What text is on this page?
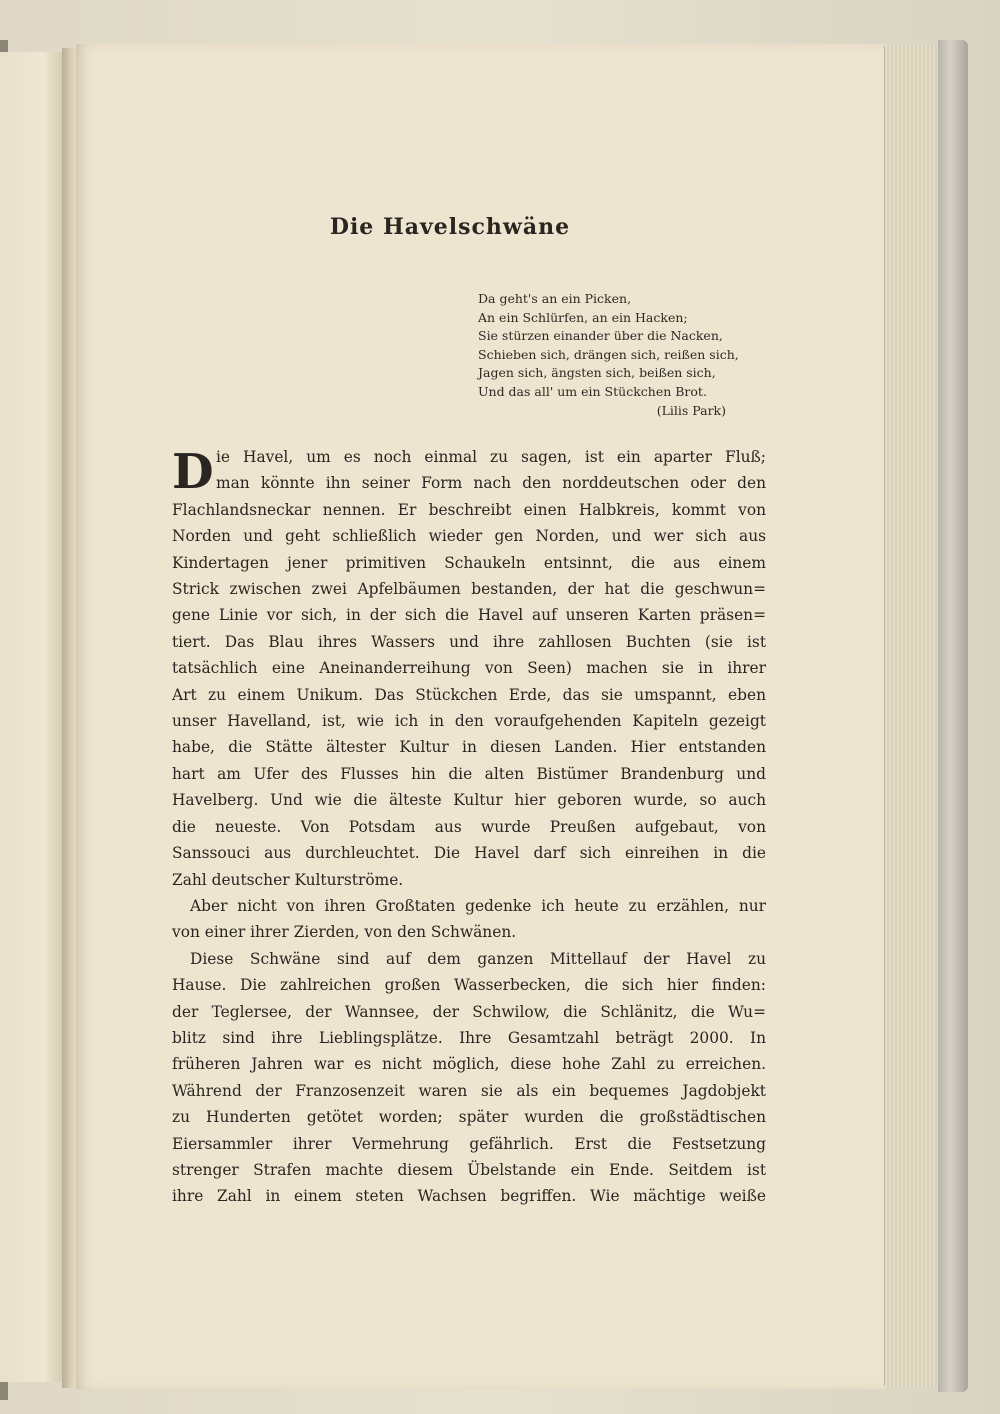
Die Havelschwäne
Da geht's an ein Picken,
An ein Schlürfen, an ein Hacken;
Sie stürzen einander über die Nacken,
Schieben sich, drängen sich, reißen sich,
Jagen sich, ängsten sich, beißen sich,
Und das all' um ein Stückchen Brot.
(Lilis Park)

ie Havel, um es noch einmal zu sagen, ist ein aparter Fluß;
man könnte ihn seiner Form nach den norddeutschen oder den
Flachlandsneckar nennen. Er beschreibt einen Halbkreis, kommt von
Norden und geht schließlich wieder gen Norden, und wer sich aus
Kindertagen jener primitiven Schaukeln entsinnt, die aus einem
Strick zwischen zwei Apfelbäumen bestanden, der hat die geschwun=
gene Linie vor sich, in der sich die Havel auf unseren Karten präsen=
tiert. Das Blau ihres Wassers und ihre zahllosen Buchten (sie ist
tatsächlich eine Aneinanderreihung von Seen) machen sie in ihrer
Art zu einem Unikum. Das Stückchen Erde, das sie umspannt, eben
unser Havelland, ist, wie ich in den voraufgehenden Kapiteln gezeigt
habe, die Stätte ältester Kultur in diesen Landen. Hier entstanden
hart am Ufer des Flusses hin die alten Bistümer Brandenburg und
Havelberg. Und wie die älteste Kultur hier geboren wurde, so auch
die neueste. Von Potsdam aus wurde Preußen aufgebaut, von
Sanssouci aus durchleuchtet. Die Havel darf sich einreihen in die
Zahl deutscher Kulturströme.

Aber nicht von ihren Großtaten gedenke ich heute zu erzählen, nur
von einer ihrer Zierden, von den Schwänen.

Diese Schwäne sind auf dem ganzen Mittellauf der Havel zu
Hause. Die zahlreichen großen Wasserbecken, die sich hier finden:
der Teglersee, der Wannsee, der Schwilow, die Schlänitz, die Wu=
blitz sind ihre Lieblingsplätze. Ihre Gesamtzahl beträgt 2000. In
früheren Jahren war es nicht möglich, diese hohe Zahl zu erreichen.
Während der Franzosenzeit waren sie als ein bequemes Jagdobjekt
zu Hunderten getötet worden; später wurden die großstädtischen
Eiersammler ihrer Vermehrung gefährlich. Erst die Festsetzung
strenger Strafen machte diesem Übelstande ein Ende. Seitdem ist
ihre Zahl in einem steten Wachsen begriffen. Wie mächtige weiße

D
